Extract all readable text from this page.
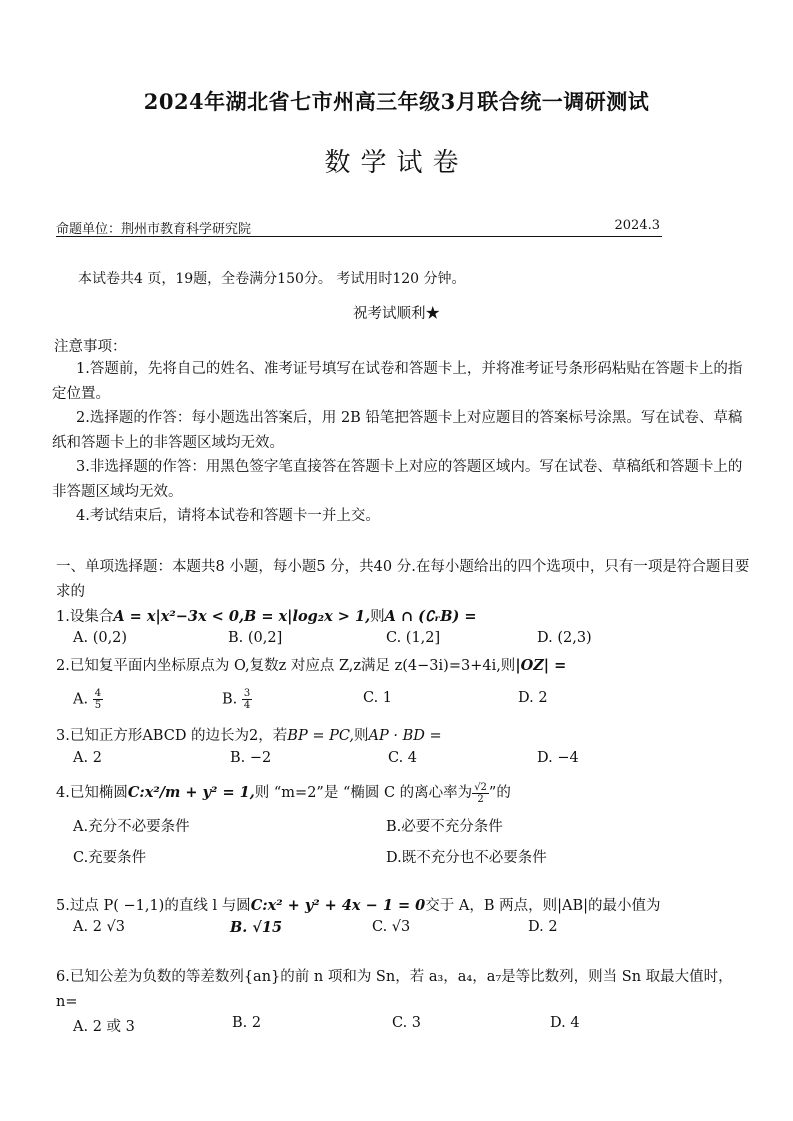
2024年湖北省七市州高三年级3月联合统一调研测试
数学试卷
命题单位：荆州市教育科学研究院	2024.3
本试卷共4 页，19题，全卷满分150分。 考试用时120 分钟。
祝考试顺利★
注意事项：
1.答题前，先将自己的姓名、准考证号填写在试卷和答题卡上，并将准考证号条形码粘贴在答题卡上的指定位置。
2.选择题的作答：每小题选出答案后，用 2B 铅笔把答题卡上对应题目的答案标号涂黑。写在试卷、草稿纸和答题卡上的非答题区域均无效。
3.非选择题的作答：用黑色签字笔直接答在答题卡上对应的答题区域内。写在试卷、草稿纸和答题卡上的非答题区域均无效。
4.考试结束后，请将本试卷和答题卡一并上交。
一、单项选择题：本题共8 小题，每小题5 分，共40 分.在每小题给出的四个选项中，只有一项是符合题目要求的
1.设集合A = x|x²−3x < 0,B = x|log₂x > 1,则A ∩ (∁ᵣB) =
A. (0,2)	B. (0,2]	C. (1,2]	D. (2,3)
2.已知复平面内坐标原点为 O,复数z 对应点 Z,z满足 z(4−3i)=3+4i,则|OZ| =
A. $\frac{4}{5}$	B. $\frac{3}{4}$	C. 1	D. 2
3.已知正方形ABCD 的边长为2，若BP = PC,则AP · BD =
A. 2	B. −2	C. 4	D. −4
4.已知椭圆C:x²/m + y² = 1,则 “m=2”是 “椭圆 C 的离心率为 $\frac{√2}{2}$ ”的
A.充分不必要条件	B.必要不充分条件
C.充要条件	D.既不充分也不必要条件
5.过点 P( −1,1)的直线 l 与圆C:x² + y² + 4x − 1 = 0交于 A，B 两点，则|AB|的最小值为
A. 2 √3	B. √15	C. √3	D. 2
6.已知公差为负数的等差数列{an}的前 n 项和为 Sn，若 a₃，a₄，a₇是等比数列，则当 Sn 取最大值时，n=
A. 2 或 3	B. 2	C. 3	D. 4
